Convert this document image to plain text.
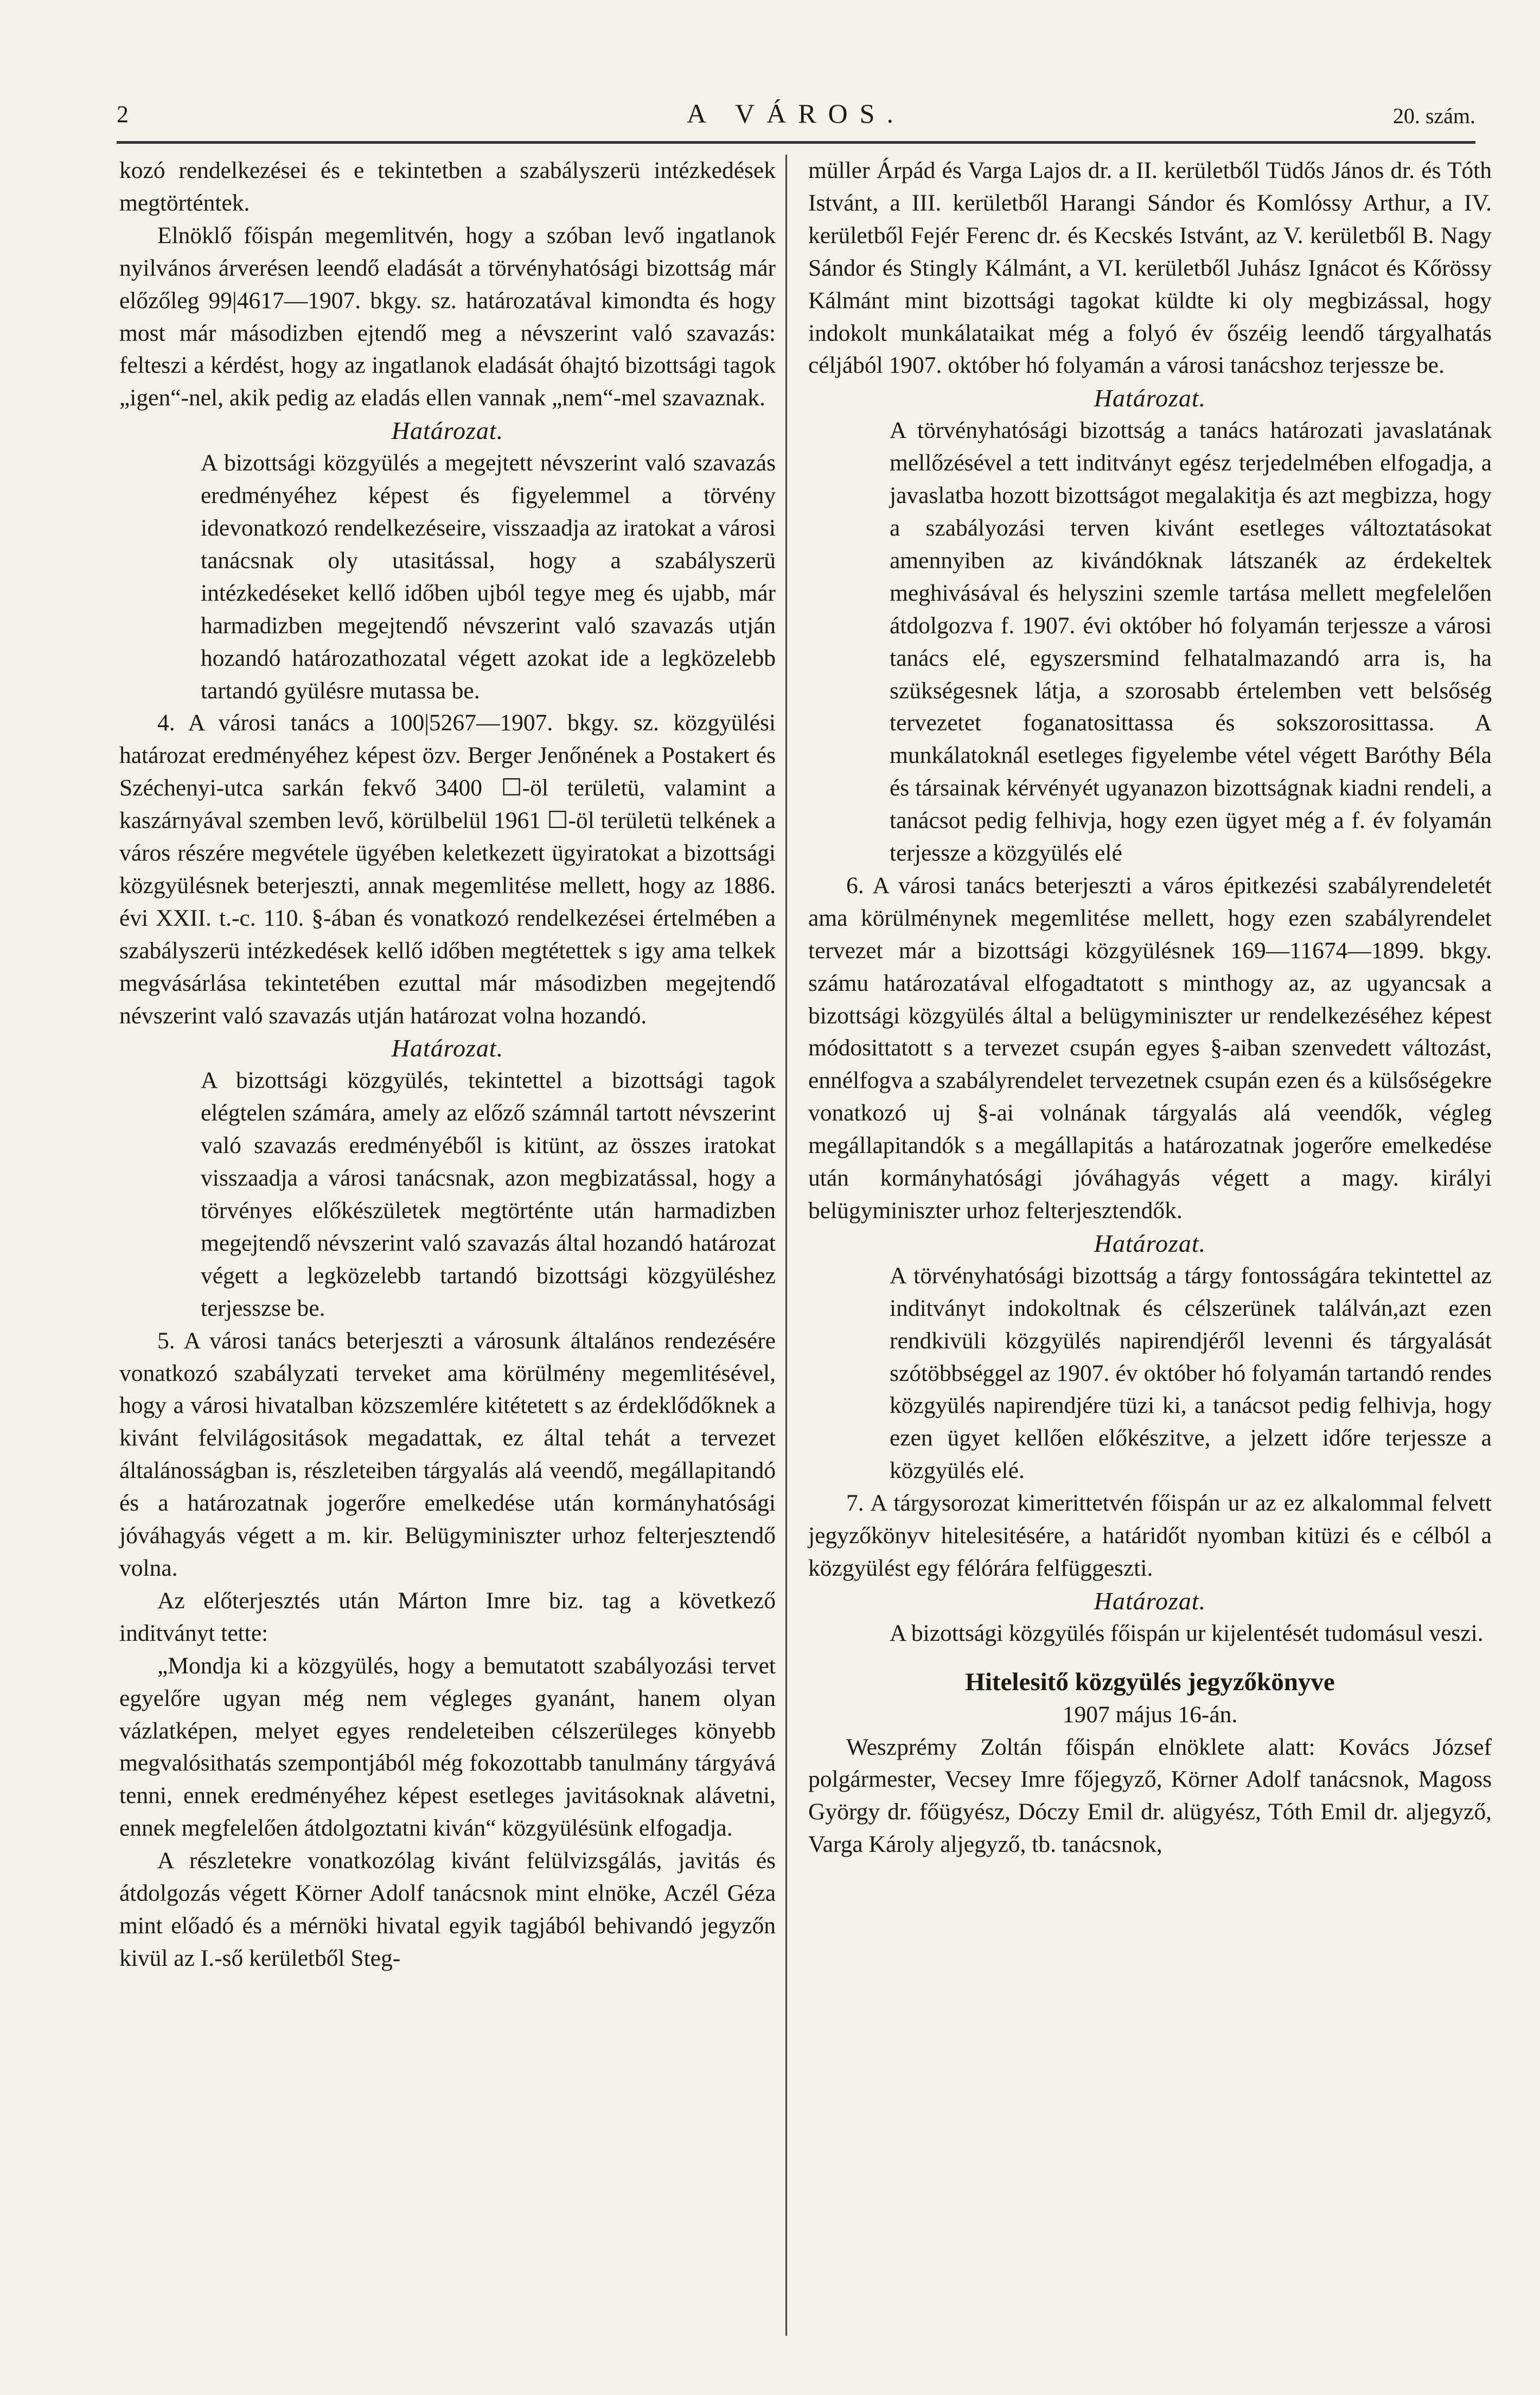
2	A VÁROS.	20. szám.

kozó rendelkezései és e tekintetben a szabályszerü intézkedések megtörténtek.

Elnöklő főispán megemlitvén, hogy a szóban levő ingatlanok nyilvános árverésen leendő eladását a törvényhatósági bizottság már előzőleg 99|4617—1907. bkgy. sz. határozatával kimondta és hogy most már másodizben ejtendő meg a névszerint való szavazás: felteszi a kérdést, hogy az ingatlanok eladását óhajtó bizottsági tagok „igen“-nel, akik pedig az eladás ellen vannak „nem“-mel szavaznak.

Határozat.

A bizottsági közgyülés a megejtett névszerint való szavazás eredményéhez képest és figyelemmel a törvény idevonatkozó rendelkezéseire, visszaadja az iratokat a városi tanácsnak oly utasitással, hogy a szabályszerü intézkedéseket kellő időben ujból tegye meg és ujabb, már harmadizben megejtendő névszerint való szavazás utján hozandó határozathozatal végett azokat ide a legközelebb tartandó gyülésre mutassa be.

4. A városi tanács a 100|5267—1907. bkgy. sz. közgyülési határozat eredményéhez képest özv. Berger Jenőnének a Postakert és Széchenyi-utca sarkán fekvő 3400 ☐-öl területü, valamint a kaszárnyával szemben levő, körülbelül 1961 ☐-öl területü telkének a város részére megvétele ügyében keletkezett ügyiratokat a bizottsági közgyülésnek beterjeszti, annak megemlitése mellett, hogy az 1886. évi XXII. t.-c. 110. §-ában és vonatkozó rendelkezései értelmében a szabályszerü intézkedések kellő időben megtétettek s igy ama telkek megvásárlása tekintetében ezuttal már másodizben megejtendő névszerint való szavazás utján határozat volna hozandó.

Határozat.

A bizottsági közgyülés, tekintettel a bizottsági tagok elégtelen számára, amely az előző számnál tartott névszerint való szavazás eredményéből is kitünt, az összes iratokat visszaadja a városi tanácsnak, azon megbizatással, hogy a törvényes előkészületek megtörténte után harmadizben megejtendő névszerint való szavazás által hozandó határozat végett a legközelebb tartandó bizottsági közgyüléshez terjesszse be.

5. A városi tanács beterjeszti a városunk általános rendezésére vonatkozó szabályzati terveket ama körülmény megemlitésével, hogy a városi hivatalban közszemlére kitétetett s az érdeklődőknek a kivánt felvilágositások megadattak, ez által tehát a tervezet általánosságban is, részleteiben tárgyalás alá veendő, megállapitandó és a határozatnak jogerőre emelkedése után kormányhatósági jóváhagyás végett a m. kir. Belügyminiszter urhoz felterjesztendő volna.

Az előterjesztés után Márton Imre biz. tag a következő inditványt tette:

„Mondja ki a közgyülés, hogy a bemutatott szabályozási tervet egyelőre ugyan még nem végleges gyanánt, hanem olyan vázlatképen, melyet egyes rendeleteiben célszerüleges könyebb megvalósithatás szempontjából még fokozottabb tanulmány tárgyává tenni, ennek eredményéhez képest esetleges javitásoknak alávetni, ennek megfelelően átdolgoztatni kiván“ közgyülésünk elfogadja.

A részletekre vonatkozólag kivánt felülvizsgálás, javitás és átdolgozás végett Körner Adolf tanácsnok mint elnöke, Aczél Géza mint előadó és a mérnöki hivatal egyik tagjából behivandó jegyzőn kivül az I.-ső kerületből Steg-

müller Árpád és Varga Lajos dr. a II. kerületből Tüdős János dr. és Tóth Istvánt, a III. kerületből Harangi Sándor és Komlóssy Arthur, a IV. kerületből Fejér Ferenc dr. és Kecskés Istvánt, az V. kerületből B. Nagy Sándor és Stingly Kálmánt, a VI. kerületből Juhász Ignácot és Kőrössy Kálmánt mint bizottsági tagokat küldte ki oly megbizással, hogy indokolt munkálataikat még a folyó év őszéig leendő tárgyalhatás céljából 1907. október hó folyamán a városi tanácshoz terjessze be.

Határozat.

A törvényhatósági bizottság a tanács határozati javaslatának mellőzésével a tett inditványt egész terjedelmében elfogadja, a javaslatba hozott bizottságot megalakitja és azt megbizza, hogy a szabályozási terven kivánt esetleges változtatásokat amennyiben az kivándóknak látszanék az érdekeltek meghivásával és helyszini szemle tartása mellett megfelelően átdolgozva f. 1907. évi október hó folyamán terjessze a városi tanács elé, egyszersmind felhatalmazandó arra is, ha szükségesnek látja, a szorosabb értelemben vett belsőség tervezetet foganatosittassa és sokszorosittassa. A munkálatoknál esetleges figyelembe vétel végett Baróthy Béla és társainak kérvényét ugyanazon bizottságnak kiadni rendeli, a tanácsot pedig felhivja, hogy ezen ügyet még a f. év folyamán terjessze a közgyülés elé

6. A városi tanács beterjeszti a város épitkezési szabályrendeletét ama körülménynek megemlitése mellett, hogy ezen szabályrendelet tervezet már a bizottsági közgyülésnek 169—11674—1899. bkgy. számu határozatával elfogadtatott s minthogy az, az ugyancsak a bizottsági közgyülés által a belügyminiszter ur rendelkezéséhez képest módosittatott s a tervezet csupán egyes §-aiban szenvedett változást, ennélfogva a szabályrendelet tervezetnek csupán ezen és a külsőségekre vonatkozó uj §-ai volnának tárgyalás alá veendők, végleg megállapitandók s a megállapitás a határozatnak jogerőre emelkedése után kormányhatósági jóváhagyás végett a magy. királyi belügyminiszter urhoz felterjesztendők.

Határozat.

A törvényhatósági bizottság a tárgy fontosságára tekintettel az inditványt indokoltnak és célszerünek találván,azt ezen rendkivüli közgyülés napirendjéről levenni és tárgyalását szótöbbséggel az 1907. év október hó folyamán tartandó rendes közgyülés napirendjére tüzi ki, a tanácsot pedig felhivja, hogy ezen ügyet kellően előkészitve, a jelzett időre terjessze a közgyülés elé.

7. A tárgysorozat kimerittetvén főispán ur az ez alkalommal felvett jegyzőkönyv hitelesitésére, a határidőt nyomban kitüzi és e célból a közgyülést egy félórára felfüggeszti.

Határozat.

A bizottsági közgyülés főispán ur kijelentését tudomásul veszi.

Hitelesitő közgyülés jegyzőkönyve

1907 május 16-án.

Weszprémy Zoltán főispán elnöklete alatt: Kovács József polgármester, Vecsey Imre főjegyző, Körner Adolf tanácsnok, Magoss György dr. főügyész, Dóczy Emil dr. alügyész, Tóth Emil dr. aljegyző, Varga Károly aljegyző, tb. tanácsnok,
